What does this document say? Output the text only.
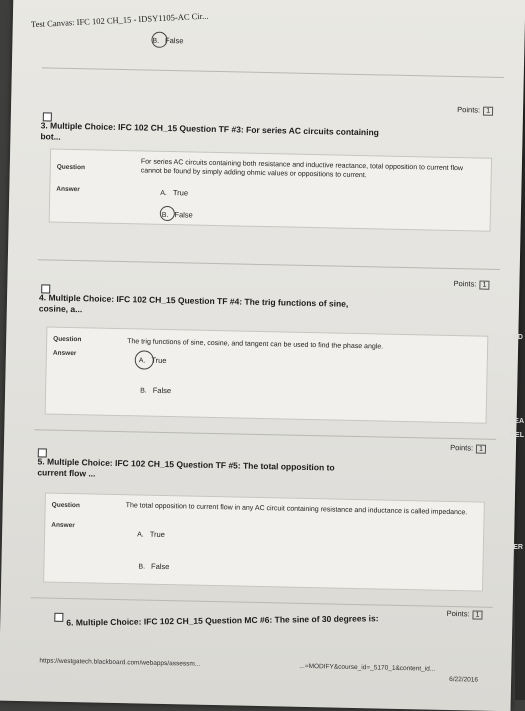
Test Canvas: IFC 102 CH_15 - IDSY1105-AC Cir...
B. False
Points: 1
3. Multiple Choice: IFC 102 CH_15 Question TF #3: For series AC circuits containing bot...
Question	For series AC circuits containing both resistance and inductive reactance, total opposition to current flow cannot be found by simply adding ohmic values or oppositions to current.
Answer
A. True
B. False
Points: 1
4. Multiple Choice: IFC 102 CH_15 Question TF #4: The trig functions of sine, cosine, a...
Question	The trig functions of sine, cosine, and tangent can be used to find the phase angle.
Answer
A. True
B. False
Points: 1
5. Multiple Choice: IFC 102 CH_15 Question TF #5: The total opposition to current flow ...
Question	The total opposition to current flow in any AC circuit containing resistance and inductance is called impedance.
Answer
A. True
B. False
Points: 1
6. Multiple Choice: IFC 102 CH_15 Question MC #6: The sine of 30 degrees is:
https://westgatech.blackboard.com/webapps/assessm...
...=MODIFY&course_id=_5170_1&content_id...
6/22/2016
ED
LEA
DEL
ER
